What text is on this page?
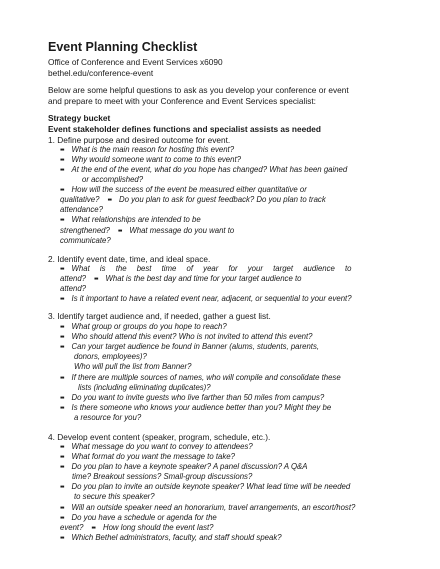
Event Planning Checklist
Office of Conference and Event Services x6090
bethel.edu/conference-event
Below are some helpful questions to ask as you develop your conference or event
and prepare to meet with your Conference and Event Services specialist:
Strategy bucket
Event stakeholder defines functions and specialist assists as needed
1. Define purpose and desired outcome for event.
▪▪ What is the main reason for hosting this event?
▪▪ Why would someone want to come to this event?
▪▪ At the end of the event, what do you hope has changed? What has been gained
or accomplished?
▪▪ How will the success of the event be measured either quantitative or
qualitative? ▪▪ Do you plan to ask for guest feedback? Do you plan to track
attendance?
▪▪ What relationships are intended to be
strengthened? ▪▪ What message do you want to
communicate?
2. Identify event date, time, and ideal space.
▪▪ What is the best time of year for your target audience to
attend? ▪▪ What is the best day and time for your target audience to
attend?
▪▪ Is it important to have a related event near, adjacent, or sequential to your event?
3. Identify target audience and, if needed, gather a guest list.
▪▪ What group or groups do you hope to reach?
▪▪ Who should attend this event? Who is not invited to attend this event?
▪▪ Can your target audience be found in Banner (alums, students, parents,
donors, employees)?
Who will pull the list from Banner?
▪▪ If there are multiple sources of names, who will compile and consolidate these
lists (including eliminating duplicates)?
▪▪ Do you want to invite guests who live farther than 50 miles from campus?
▪▪ Is there someone who knows your audience better than you? Might they be
a resource for you?
4. Develop event content (speaker, program, schedule, etc.).
▪▪ What message do you want to convey to attendees?
▪▪ What format do you want the message to take?
▪▪ Do you plan to have a keynote speaker? A panel discussion? A Q&A
time? Breakout sessions? Small-group discussions?
▪▪ Do you plan to invite an outside keynote speaker? What lead time will be needed
to secure this speaker?
▪▪ Will an outside speaker need an honorarium, travel arrangements, an escort/host?
▪▪ Do you have a schedule or agenda for the
event? ▪▪ How long should the event last?
▪▪ Which Bethel administrators, faculty, and staff should speak?
